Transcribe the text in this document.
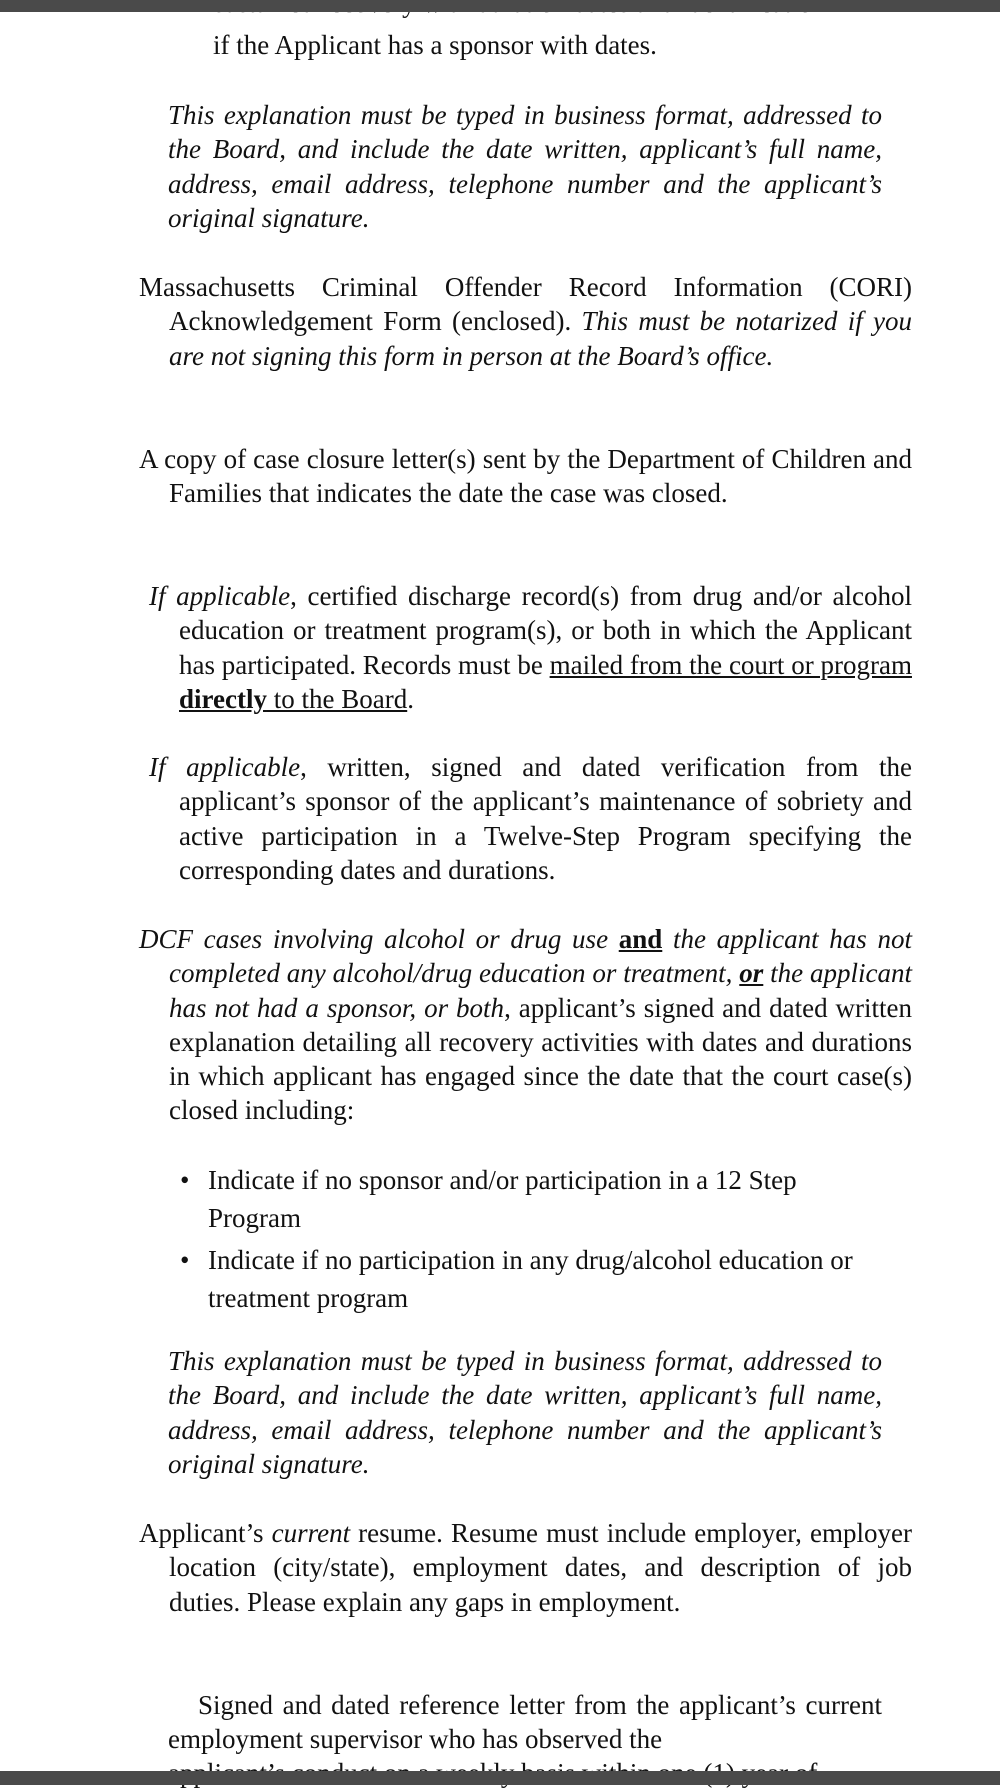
if the Applicant has a sponsor with dates.

This explanation must be typed in business format, addressed to the Board, and include the date written, applicant’s full name, address, email address, telephone number and the applicant’s original signature.

Massachusetts Criminal Offender Record Information (CORI) Acknowledgement Form (enclosed). This must be notarized if you are not signing this form in person at the Board’s office.

A copy of case closure letter(s) sent by the Department of Children and Families that indicates the date the case was closed.

If applicable, certified discharge record(s) from drug and/or alcohol education or treatment program(s), or both in which the Applicant has participated. Records must be mailed from the court or program directly to the Board.

If applicable, written, signed and dated verification from the applicant’s sponsor of the applicant’s maintenance of sobriety and active participation in a Twelve-Step Program specifying the corresponding dates and durations.

DCF cases involving alcohol or drug use and the applicant has not completed any alcohol/drug education or treatment, or the applicant has not had a sponsor, or both, applicant’s signed and dated written explanation detailing all recovery activities with dates and durations in which applicant has engaged since the date that the court case(s) closed including:

• Indicate if no sponsor and/or participation in a 12 Step Program
• Indicate if no participation in any drug/alcohol education or treatment program

This explanation must be typed in business format, addressed to the Board, and include the date written, applicant’s full name, address, email address, telephone number and the applicant’s original signature.

Applicant’s current resume. Resume must include employer, employer location (city/state), employment dates, and description of job duties. Please explain any gaps in employment.

Signed and dated reference letter from the applicant’s current employment supervisor who has observed the
